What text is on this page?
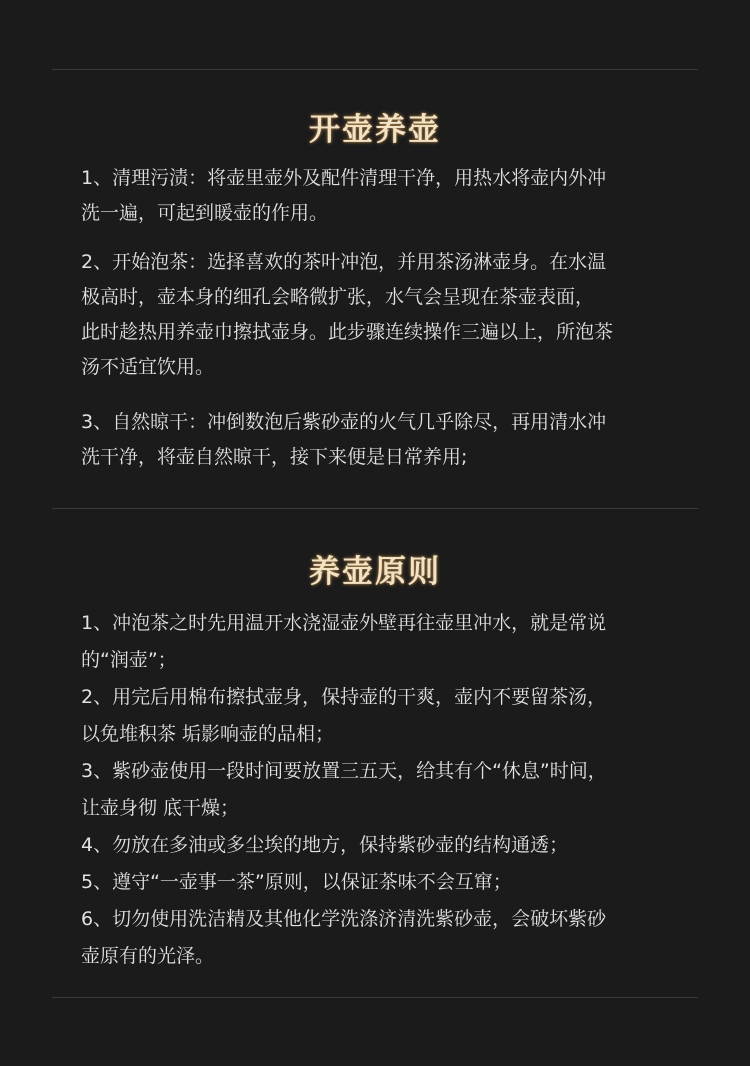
开壶养壶

1、清理污渍：将壶里壶外及配件清理干净，用热水将壶内外冲
洗一遍，可起到暖壶的作用。

2、开始泡茶：选择喜欢的茶叶冲泡，并用茶汤淋壶身。在水温
极高时，壶本身的细孔会略微扩张，水气会呈现在茶壶表面，
此时趁热用养壶巾擦拭壶身。此步骤连续操作三遍以上，所泡茶
汤不适宜饮用。

3、自然晾干：冲倒数泡后紫砂壶的火气几乎除尽，再用清水冲
洗干净，将壶自然晾干，接下来便是日常养用;

养壶原则

1、冲泡茶之时先用温开水浇湿壶外壁再往壶里冲水，就是常说
的“润壶”；

2、用完后用棉布擦拭壶身，保持壶的干爽，壶内不要留茶汤，
以免堆积茶 垢影响壶的品相；

3、紫砂壶使用一段时间要放置三五天，给其有个“休息”时间，
让壶身彻 底干燥；

4、勿放在多油或多尘埃的地方，保持紫砂壶的结构通透；

5、遵守“一壶事一茶”原则，以保证茶味不会互窜；

6、切勿使用洗洁精及其他化学洗涤济清洗紫砂壶，会破坏紫砂
壶原有的光泽。
